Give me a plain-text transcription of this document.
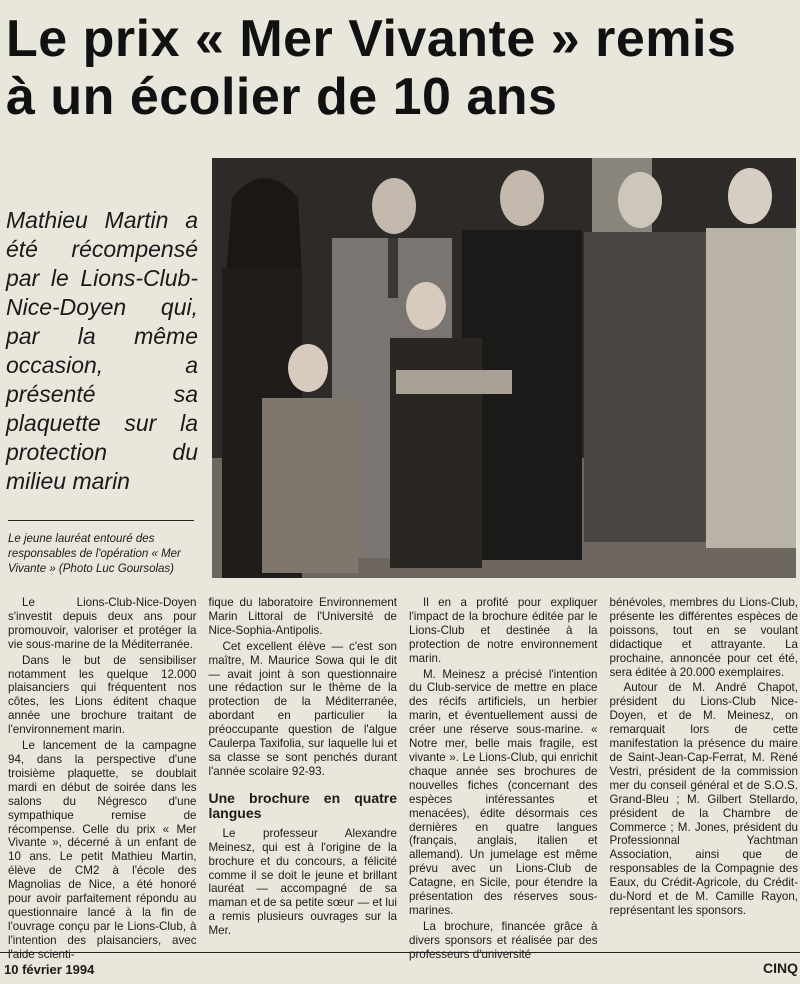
Le prix « Mer Vivante » remis
à un écolier de 10 ans

Mathieu Martin a été récompensé par le Lions-Club-Nice-Doyen qui, par la même occasion, a présenté sa plaquette sur la protection du milieu marin

Le jeune lauréat entouré des responsables de l'opération « Mer Vivante » (Photo Luc Goursolas)

Le Lions-Club-Nice-Doyen s'investit depuis deux ans pour promouvoir, valoriser et protéger la vie sous-marine de la Méditerranée.

Dans le but de sensibiliser notamment les quelque 12.000 plaisanciers qui fréquentent nos côtes, les Lions éditent chaque année une brochure traitant de l'environnement marin.

Le lancement de la campagne 94, dans la perspective d'une troisième plaquette, se doublait mardi en début de soirée dans les salons du Négresco d'une sympathique remise de récompense. Celle du prix « Mer Vivante », décerné à un enfant de 10 ans. Le petit Mathieu Martin, élève de CM2 à l'école des Magnolias de Nice, a été honoré pour avoir parfaitement répondu au questionnaire lancé à la fin de l'ouvrage conçu par le Lions-Club, à l'intention des plaisanciers, avec l'aide scienti-

fique du laboratoire Environnement Marin Littoral de l'Université de Nice-Sophia-Antipolis.

Cet excellent élève — c'est son maître, M. Maurice Sowa qui le dit — avait joint à son questionnaire une rédaction sur le thème de la protection de la Méditerranée, abordant en particulier la préoccupante question de l'algue Caulerpa Taxifolia, sur laquelle lui et sa classe se sont penchés durant l'année scolaire 92-93.

Une brochure en quatre langues

Le professeur Alexandre Meinesz, qui est à l'origine de la brochure et du concours, a félicité comme il se doit le jeune et brillant lauréat — accompagné de sa maman et de sa petite sœur — et lui a remis plusieurs ouvrages sur la Mer.

Il en a profité pour expliquer l'impact de la brochure éditée par le Lions-Club et destinée à la protection de notre environnement marin.

M. Meinesz a précisé l'intention du Club-service de mettre en place des récifs artificiels, un herbier marin, et éventuellement aussi de créer une réserve sous-marine. « Notre mer, belle mais fragile, est vivante ». Le Lions-Club, qui enrichit chaque année ses brochures de nouvelles fiches (concernant des espèces intéressantes et menacées), édite désormais ces dernières en quatre langues (français, anglais, italien et allemand). Un jumelage est même prévu avec un Lions-Club de Catagne, en Sicile, pour étendre la présentation des réserves sous-marines.

La brochure, financée grâce à divers sponsors et réalisée par des professeurs d'université

bénévoles, membres du Lions-Club, présente les différentes espèces de poissons, tout en se voulant didactique et attrayante. La prochaine, annoncée pour cet été, sera éditée à 20.000 exemplaires.

Autour de M. André Chapot, président du Lions-Club Nice-Doyen, et de M. Meinesz, on remarquait lors de cette manifestation la présence du maire de Saint-Jean-Cap-Ferrat, M. René Vestri, président de la commission mer du conseil général et de S.O.S. Grand-Bleu ; M. Gilbert Stellardo, président de la Chambre de Commerce ; M. Jones, président du Professionnal Yachtman Association, ainsi que de responsables de la Compagnie des Eaux, du Crédit-Agricole, du Crédit-du-Nord et de M. Camille Rayon, représentant les sponsors.

10 février 1994	CINQ
